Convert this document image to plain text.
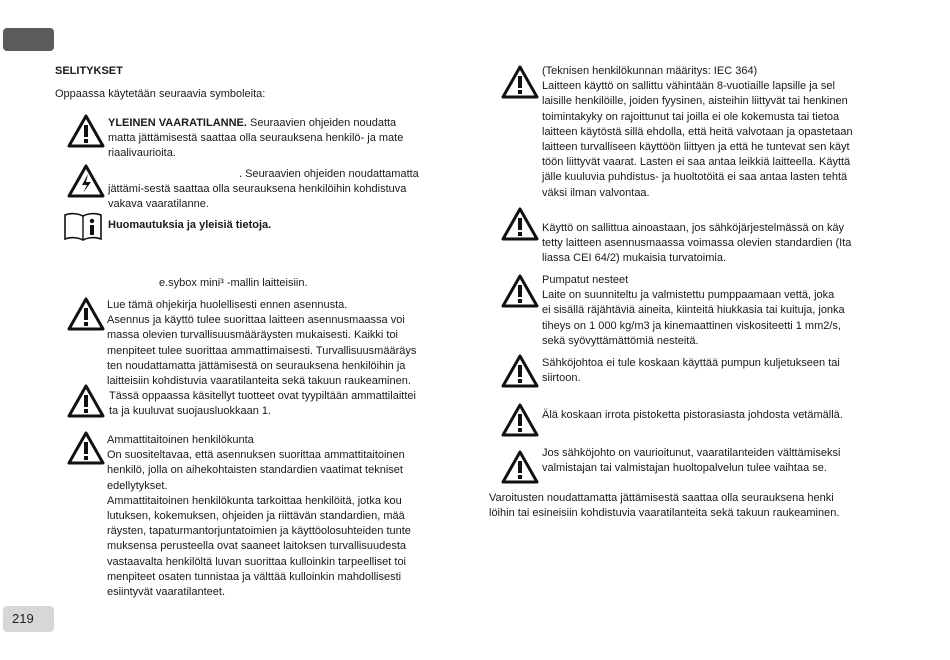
219
SELITYKSET
Oppaassa käytetään seuraavia symboleita:
YLEINEN VAARATILANNE. Seuraavien ohjeiden noudatta
matta jättämisestä saattaa olla seurauksena henkilö- ja mate
riaalivaurioita.
. Seuraavien ohjeiden noudattamatta
jättämi-sestä saattaa olla seurauksena henkilöihin kohdistuva
vakava vaaratilanne.
Huomautuksia ja yleisiä tietoja.
e.sybox mini³ -mallin laitteisiin.
Lue tämä ohjekirja huolellisesti ennen asennusta.
Asennus ja käyttö tulee suorittaa laitteen asennusmaassa voi
massa olevien turvallisuusmääräysten mukaisesti. Kaikki toi
menpiteet tulee suorittaa ammattimaisesti. Turvallisuusmääräys
ten noudattamatta jättämisestä on seurauksena henkilöihin ja
laitteisiin kohdistuvia vaaratilanteita sekä takuun raukeaminen.
Tässä oppaassa käsitellyt tuotteet ovat tyypiltään ammattilaittei
ta ja kuuluvat suojausluokkaan 1.
Ammattitaitoinen henkilökunta
On suositeltavaa, että asennuksen suorittaa ammattitaitoinen
henkilö, jolla on aihekohtaisten standardien vaatimat tekniset
edellytykset.
Ammattitaitoinen henkilökunta tarkoittaa henkilöitä, jotka kou
lutuksen, kokemuksen, ohjeiden ja riittävän standardien, mää
räysten, tapaturmantorjuntatoimien ja käyttöolosuhteiden tunte
muksensa perusteella ovat saaneet laitoksen turvallisuudesta
vastaavalta henkilöltä luvan suorittaa kulloinkin tarpeelliset toi
menpiteet osaten tunnistaa ja välttää kulloinkin mahdollisesti
esiintyvät vaaratilanteet.
(Teknisen henkilökunnan määritys: IEC 364)
Laitteen käyttö on sallittu vähintään 8-vuotiaille lapsille ja sel
laisille henkilöille, joiden fyysinen, aisteihin liittyvät tai henkinen
toimintakyky on rajoittunut tai joilla ei ole kokemusta tai tietoa
laitteen käytöstä sillä ehdolla, että heitä valvotaan ja opastetaan
laitteen turvalliseen käyttöön liittyen ja että he tuntevat sen käyt
töön liittyvät vaarat. Lasten ei saa antaa leikkiä laitteella. Käyttä
jälle kuuluvia puhdistus- ja huoltotöitä ei saa antaa lasten tehtä
väksi ilman valvontaa.
Käyttö on sallittua ainoastaan, jos sähköjärjestelmässä on käy
tetty laitteen asennusmaassa voimassa olevien standardien (Ita
liassa CEI 64/2) mukaisia turvatoimia.
Pumpatut nesteet
Laite on suunniteltu ja valmistettu pumppaamaan vettä, joka
ei sisällä räjähtäviä aineita, kiinteitä hiukkasia tai kuituja, jonka
tiheys on 1 000 kg/m3 ja kinemaattinen viskositeetti 1 mm2/s,
sekä syövyttämättömiä nesteitä.
Sähköjohtoa ei tule koskaan käyttää pumpun kuljetukseen tai
siirtoon.
Älä koskaan irrota pistoketta pistorasiasta johdosta vetämällä.
Jos sähköjohto on vaurioitunut, vaaratilanteiden välttämiseksi
valmistajan tai valmistajan huoltopalvelun tulee vaihtaa se.
Varoitusten noudattamatta jättämisestä saattaa olla seurauksena henki
löihin tai esineisiin kohdistuvia vaaratilanteita sekä takuun raukeaminen.
